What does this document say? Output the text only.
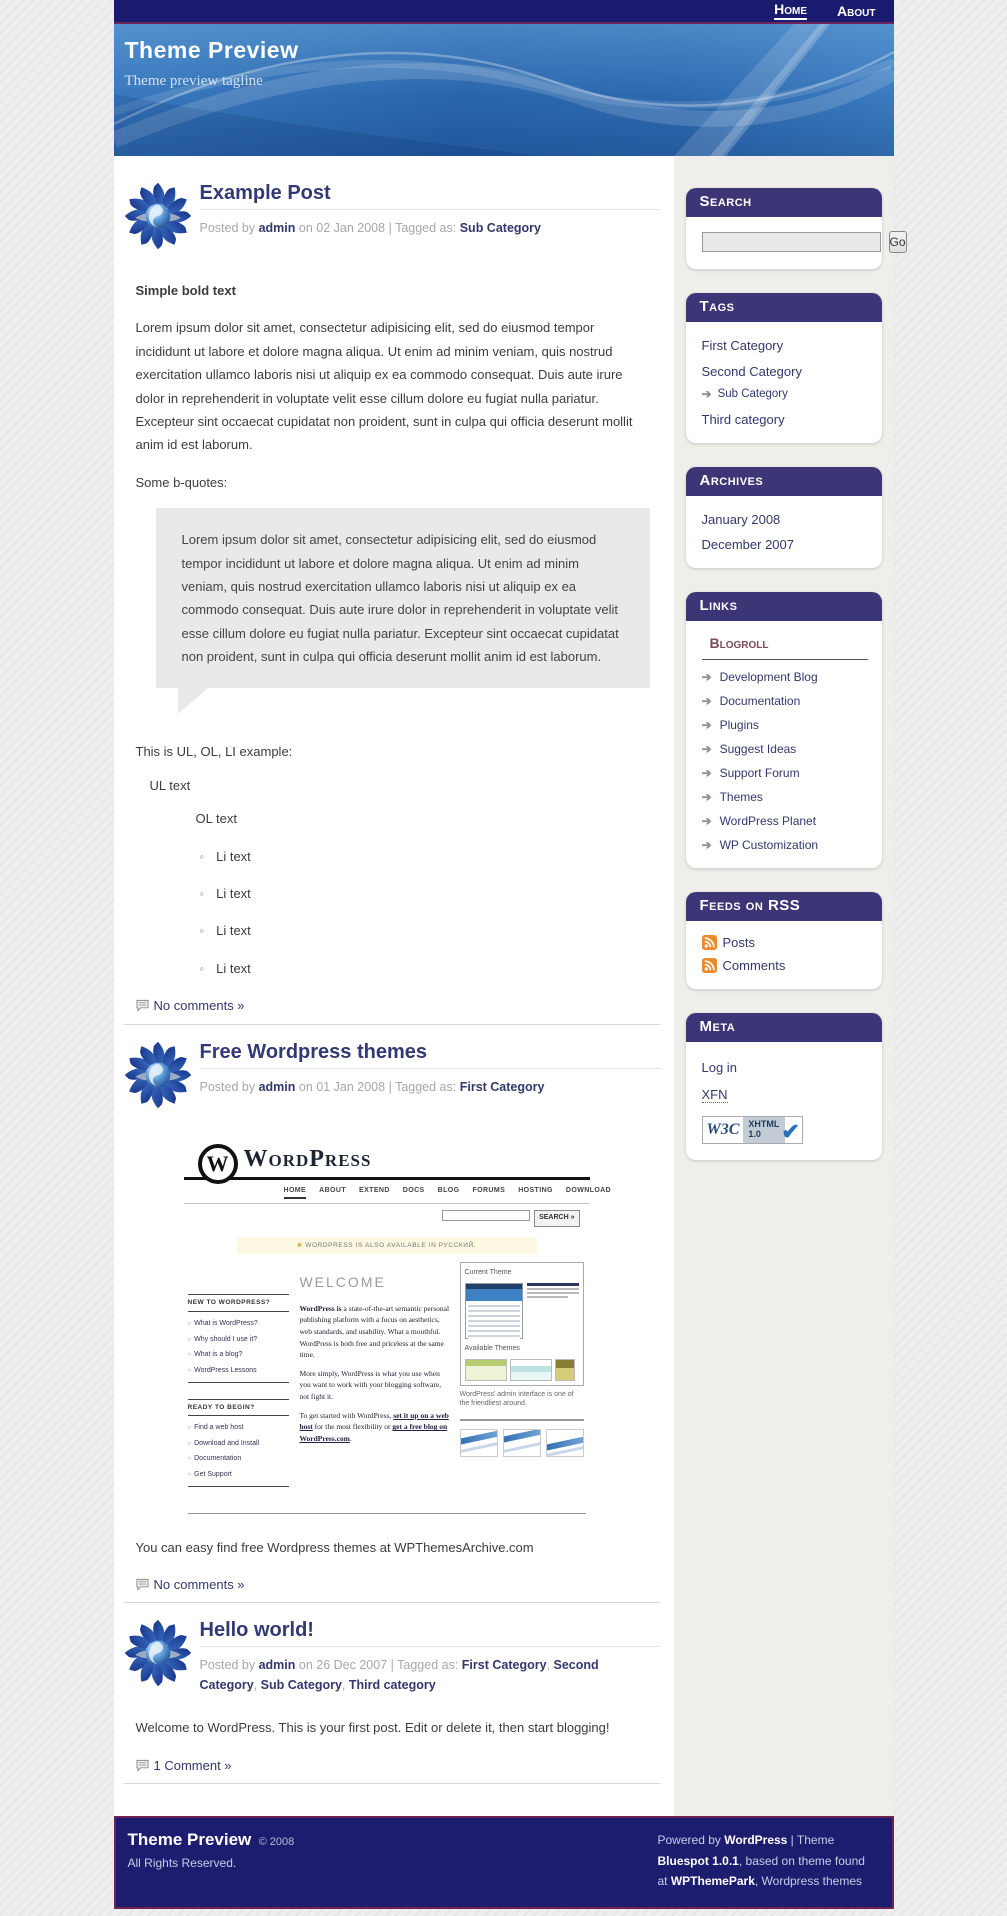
Home About
Theme Preview
Theme preview tagline
Example Post
Posted by admin on 02 Jan 2008 | Tagged as: Sub Category
Simple bold text

Lorem ipsum dolor sit amet, consectetur adipisicing elit, sed do eiusmod tempor incididunt ut labore et dolore magna aliqua. Ut enim ad minim veniam, quis nostrud exercitation ullamco laboris nisi ut aliquip ex ea commodo consequat. Duis aute irure dolor in reprehenderit in voluptate velit esse cillum dolore eu fugiat nulla pariatur. Excepteur sint occaecat cupidatat non proident, sunt in culpa qui officia deserunt mollit anim id est laborum.

Some b-quotes:

Lorem ipsum dolor sit amet, consectetur adipisicing elit, sed do eiusmod tempor incididunt ut labore et dolore magna aliqua. Ut enim ad minim veniam, quis nostrud exercitation ullamco laboris nisi ut aliquip ex ea commodo consequat. Duis aute irure dolor in reprehenderit in voluptate velit esse cillum dolore eu fugiat nulla pariatur. Excepteur sint occaecat cupidatat non proident, sunt in culpa qui officia deserunt mollit anim id est laborum.
This is UL, OL, LI example:
UL text
OL text
◦ Li text
◦ Li text
◦ Li text
◦ Li text
No comments »
Free Wordpress themes
Posted by admin on 01 Jan 2008 | Tagged as: First Category
W WordPress
HOME ABOUT EXTEND DOCS BLOG FORUMS HOSTING DOWNLOAD
SEARCH »
❀ WORDPRESS IS ALSO AVAILABLE IN РУССКИЙ.
NEW TO WORDPRESS?
○ What is WordPress?
○ Why should I use it?
○ What is a blog?
○ WordPress Lessons
READY TO BEGIN?
○ Find a web host
○ Download and Install
○ Documentation
○ Get Support
WELCOME

WordPress is a state-of-the-art semantic personal publishing platform with a focus on aesthetics, web standards, and usability. What a mouthful. WordPress is both free and priceless at the same time.

More simply, WordPress is what you use when you want to work with your blogging software, not fight it.

To get started with WordPress, set it up on a web host for the most flexibility or get a free blog on WordPress.com.

Current Theme
Available Themes
WordPress' admin interface is one of the friendliest around.

You can easy find free Wordpress themes at WPThemesArchive.com

No comments »
Hello world!
Posted by admin on 26 Dec 2007 | Tagged as: First Category, Second Category, Sub Category, Third category

Welcome to WordPress. This is your first post. Edit or delete it, then start blogging!

1 Comment »
Search
Go
Tags
First Category
Second Category
➔ Sub Category
Third category
Archives
January 2008
December 2007
Links
Blogroll
➔ Development Blog
➔ Documentation
➔ Plugins
➔ Suggest Ideas
➔ Support Forum
➔ Themes
➔ WordPress Planet
➔ WP Customization
Feeds on RSS
Posts
Comments
Meta
Log in
XFN
W3C	XHTML
1.0 ✔
Theme Preview © 2008
All Rights Reserved.
Powered by WordPress | Theme Bluespot 1.0.1, based on theme found at WPThemePark, Wordpress themes
